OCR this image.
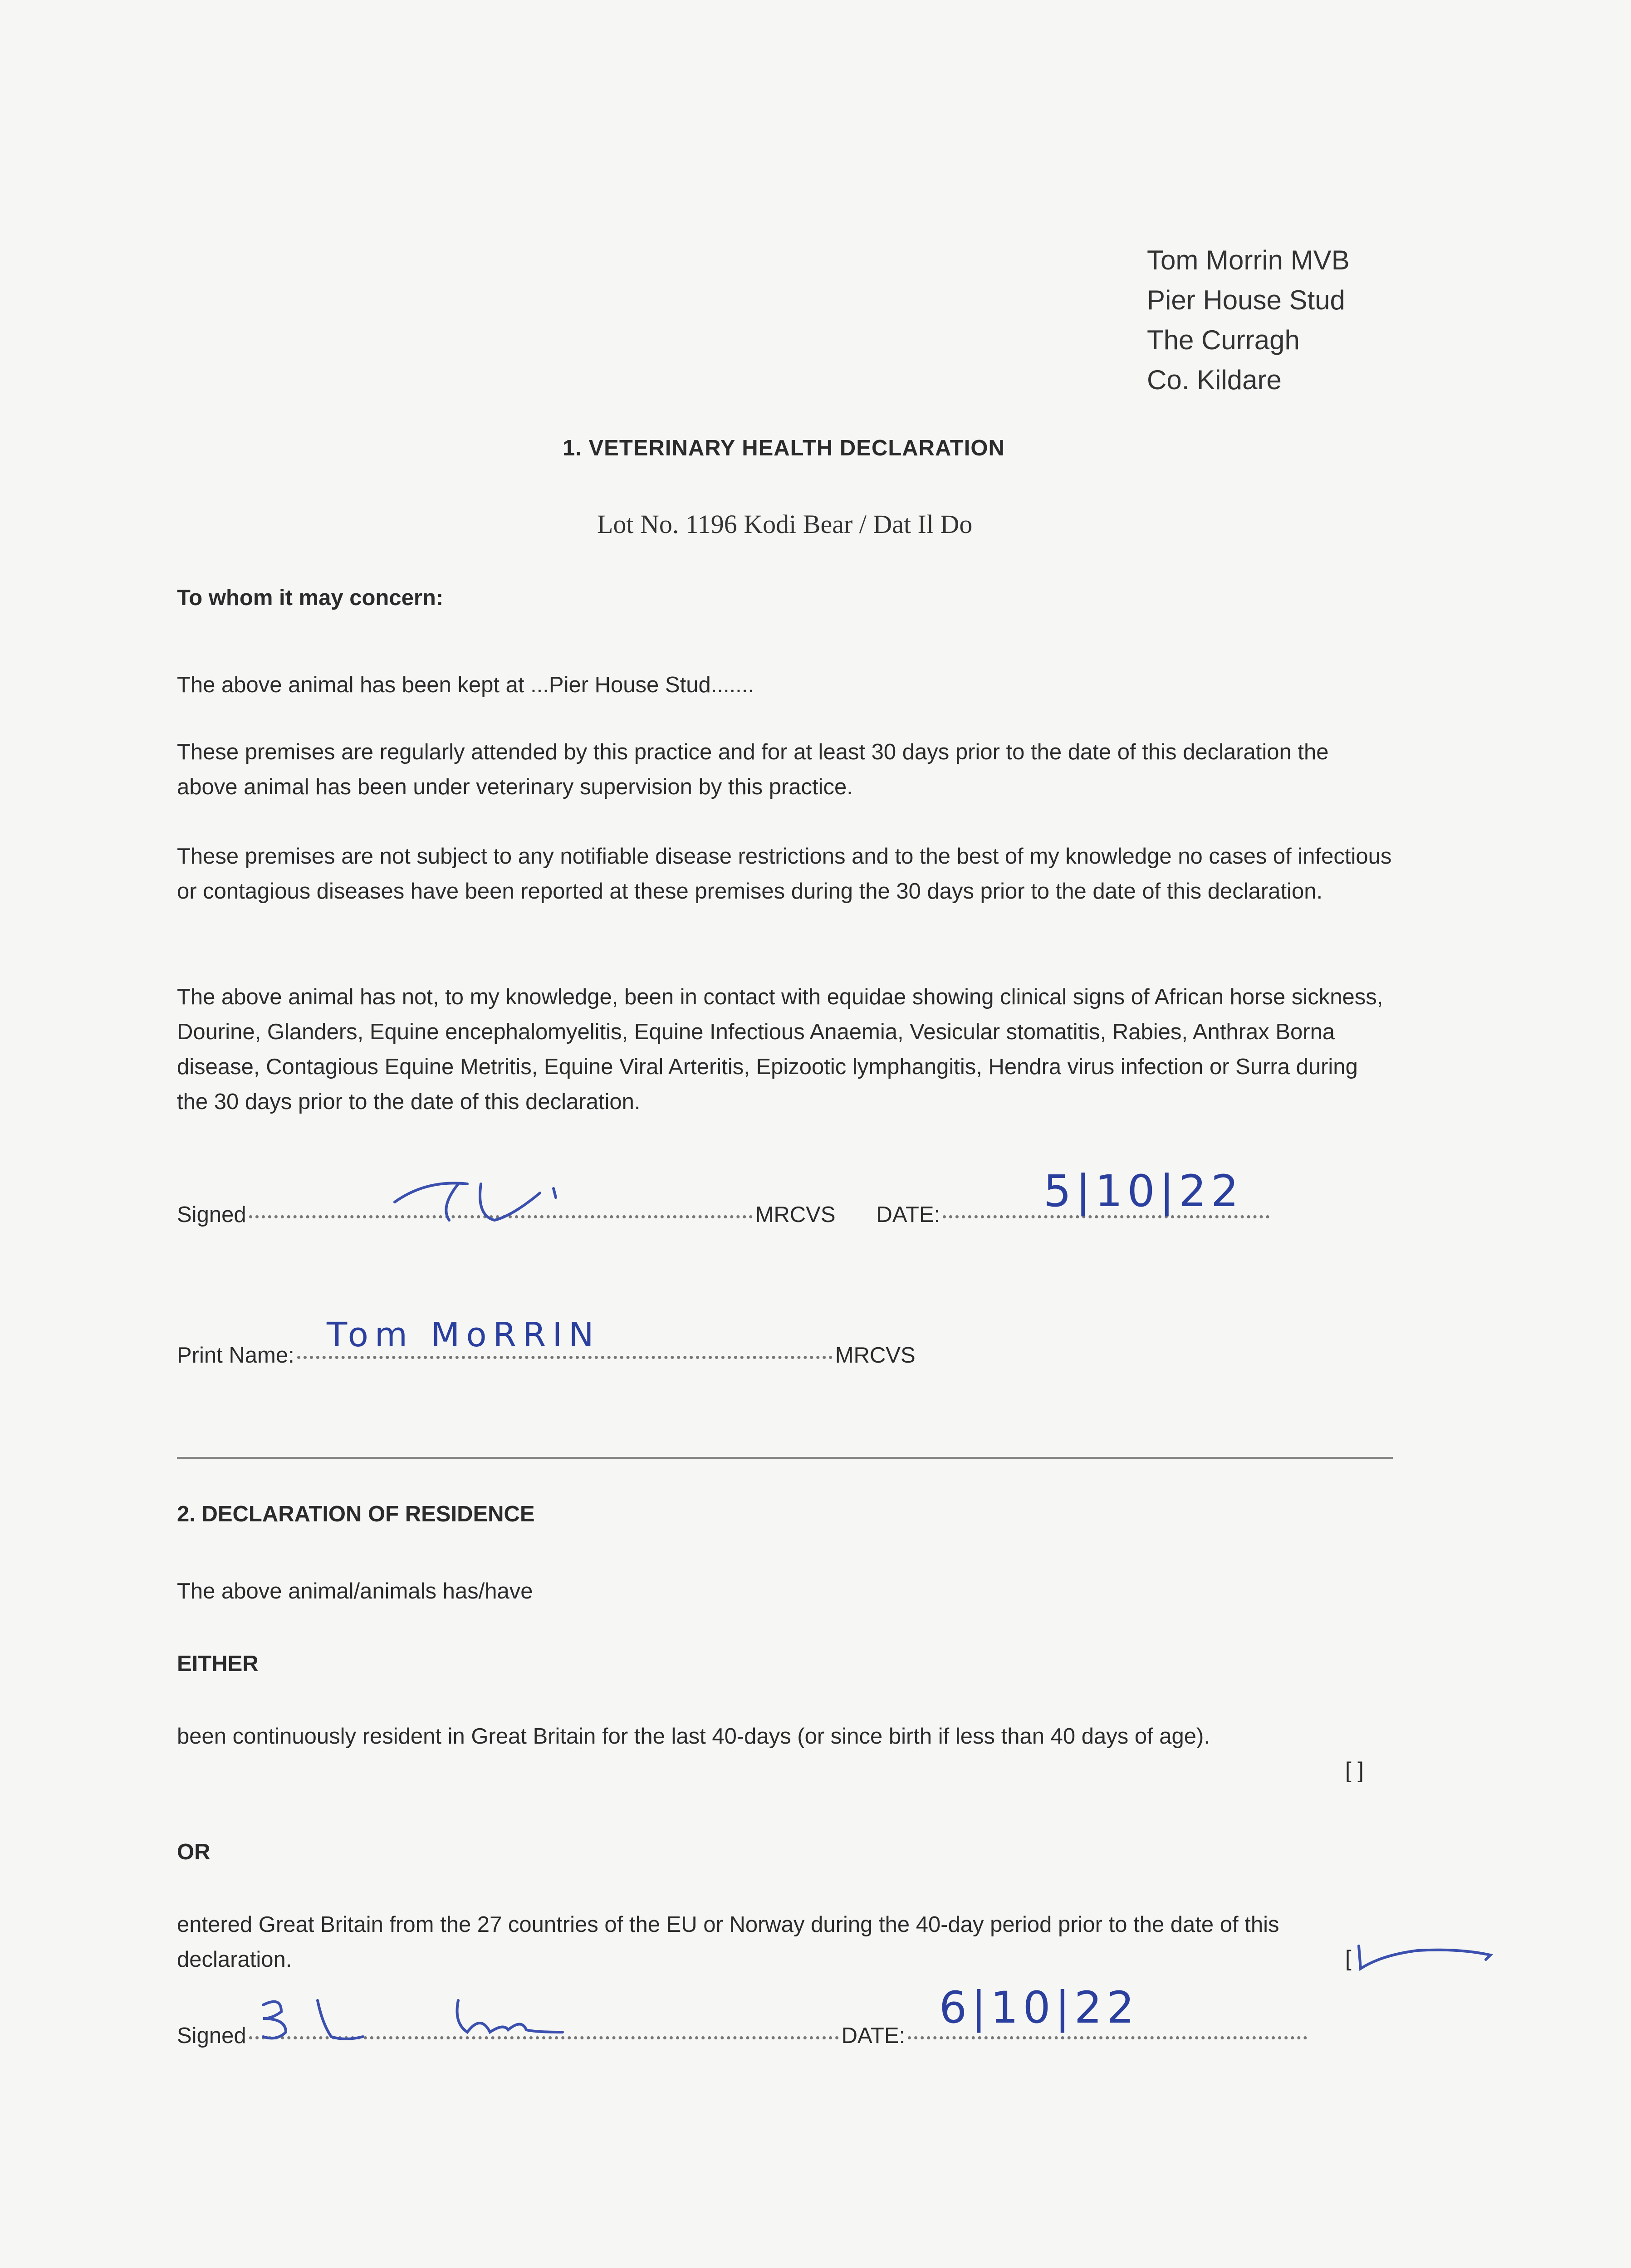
Tom Morrin MVB
Pier House Stud
The Curragh
Co. Kildare
1. VETERINARY HEALTH DECLARATION
Lot No. 1196 Kodi Bear / Dat Il Do
To whom it may concern:
The above animal has been kept at ...Pier House Stud.......
These premises are regularly attended by this practice and for at least 30 days prior to the date of this declaration the above animal has been under veterinary supervision by this practice.
These premises are not subject to any notifiable disease restrictions and to the best of my knowledge no cases of infectious or contagious diseases have been reported at these premises during the 30 days prior to the date of this declaration.
The above animal has not, to my knowledge, been in contact with equidae showing clinical signs of African horse sickness, Dourine, Glanders, Equine encephalomyelitis, Equine Infectious Anaemia, Vesicular stomatitis, Rabies, Anthrax Borna disease, Contagious Equine Metritis, Equine Viral Arteritis, Epizootic lymphangitis, Hendra virus infection or Surra during the 30 days prior to the date of this declaration.
Signed	MRCVS DATE: 5|10|22
Print Name:	MRCVS
Tom MoRRIN
2. DECLARATION OF RESIDENCE
The above animal/animals has/have
EITHER
been continuously resident in Great Britain for the last 40-days (or since birth if less than 40 days of age).
[ ]
OR
entered Great Britain from the 27 countries of the EU or Norway during the 40-day period prior to the date of this declaration.	[
Signed	DATE:
6|10|22
